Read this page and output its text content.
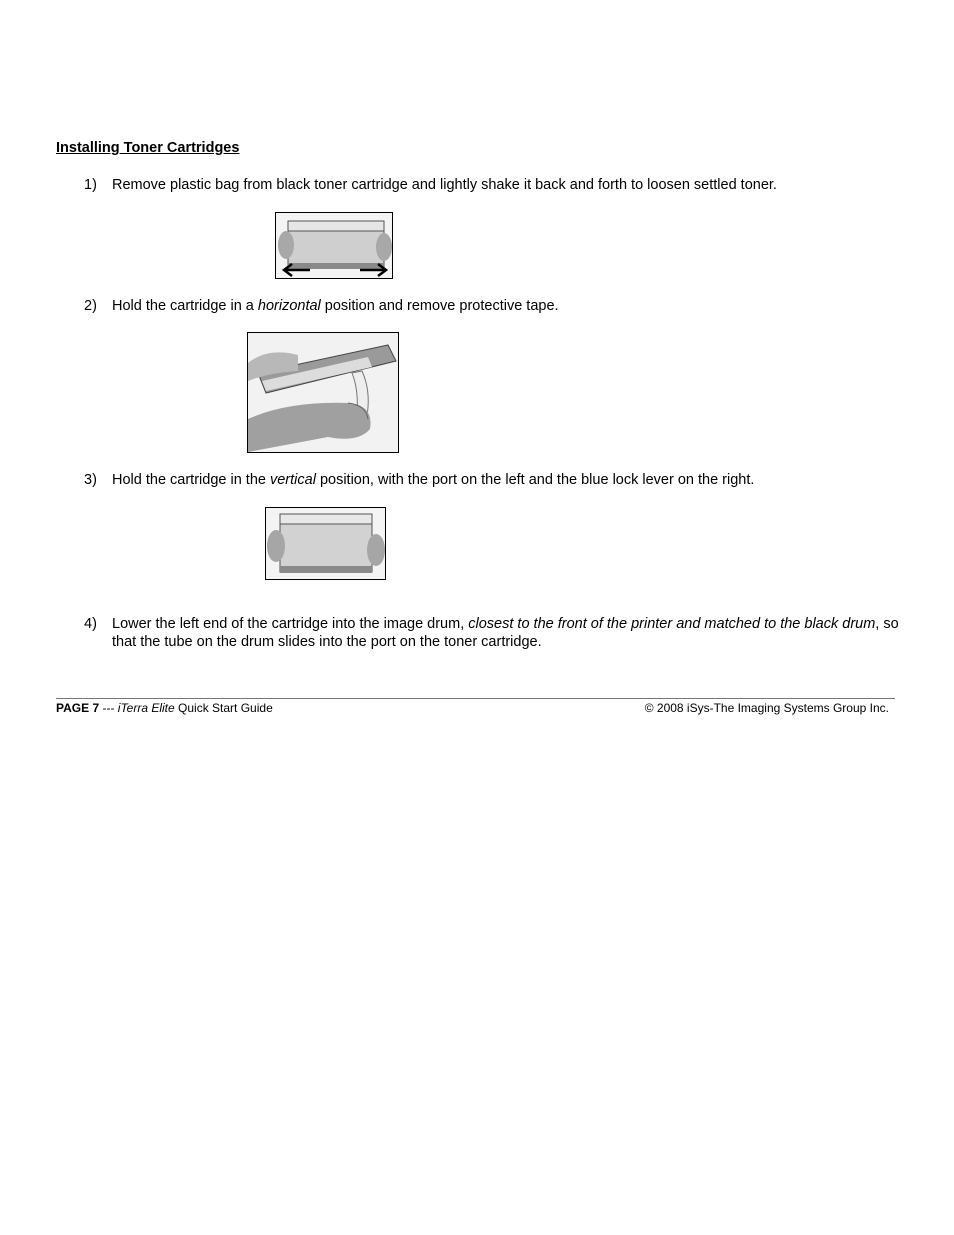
Installing Toner Cartridges
1)	Remove plastic bag from black toner cartridge and lightly shake it back and forth to loosen settled toner.
2)	Hold the cartridge in a horizontal position and remove protective tape.
3)	Hold the cartridge in the vertical position, with the port on the left and the blue lock lever on the right.
4)	Lower the left end of the cartridge into the image drum, closest to the front of the printer and matched to the black drum, so that the tube on the drum slides into the port on the toner cartridge.
PAGE 7 --- iTerra Elite Quick Start Guide	© 2008 iSys-The Imaging Systems Group Inc.
